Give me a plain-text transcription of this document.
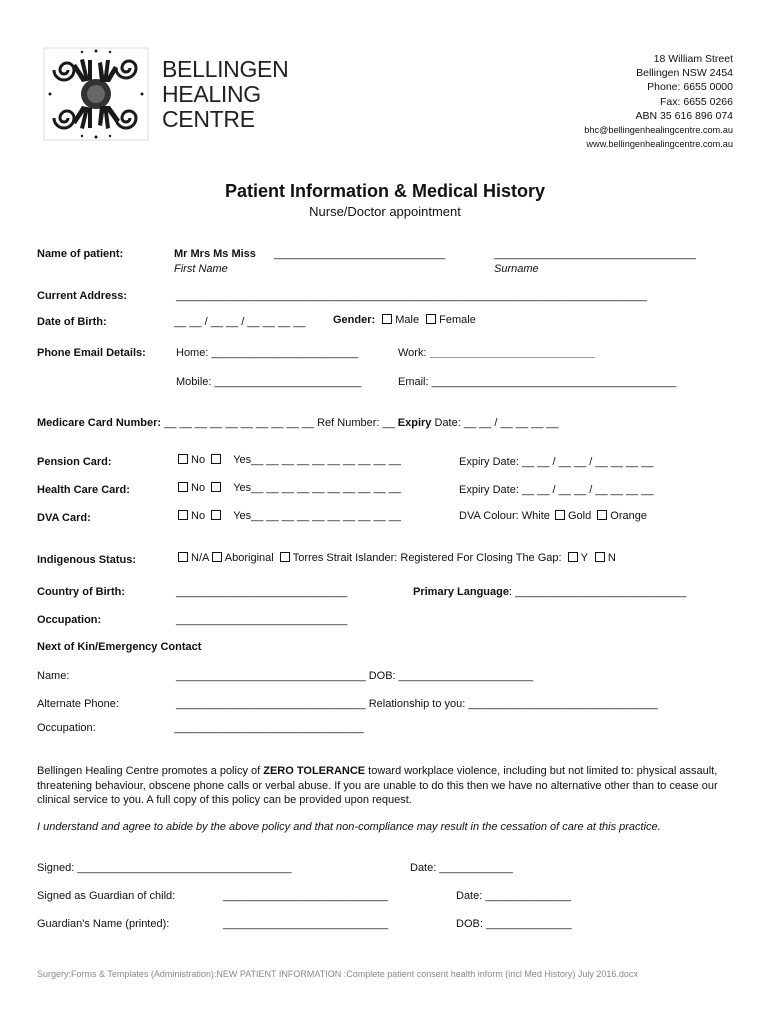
BELLINGEN
HEALING
CENTRE
18 William Street
Bellingen NSW 2454
Phone: 6655 0000
Fax: 6655 0266
ABN 35 616 896 074
bhc@bellingenhealingcentre.com.au
www.bellingenhealingcentre.com.au
Patient Information & Medical History
Nurse/Doctor appointment
Name of patient:	Mr Mrs Ms Miss ____________________________	_________________________________
First Name	Surname
Current Address:	_____________________________________________________________________________
Date of Birth:	__ __ / __ __ / __ __ __ __ Gender: Male Female
Phone Email Details:	Home: ________________________	Work: ___________________________
Mobile: ________________________	Email: ________________________________________
Medicare Card Number: __ __ __ __ __ __ __ __ __ __ Ref Number: __ Expiry Date: __ __ / __ __ __ __
Pension Card:	No	Yes__ __ __ __ __ __ __ __ __ __	Expiry Date: __ __ / __ __ / __ __ __ __
Health Care Card:	No	Yes__ __ __ __ __ __ __ __ __ __	Expiry Date: __ __ / __ __ / __ __ __ __
DVA Card:	No	Yes__ __ __ __ __ __ __ __ __ __	DVA Colour: White Gold Orange
Indigenous Status:	N/A Aboriginal Torres Strait Islander: Registered For Closing The Gap: Y N
Country of Birth:	____________________________	Primary Language: ____________________________
Occupation:	____________________________
Next of Kin/Emergency Contact
Name:	_______________________________ DOB: ______________________
Alternate Phone:	_______________________________ Relationship to you: _______________________________
Occupation:	_______________________________
Bellingen Healing Centre promotes a policy of ZERO TOLERANCE toward workplace violence, including but not limited to: physical assault, threatening behaviour, obscene phone calls or verbal abuse. If you are unable to do this then we have no alternative other than to cease our clinical service to you. A full copy of this policy can be provided upon request.
I understand and agree to abide by the above policy and that non-compliance may result in the cessation of care at this practice.
Signed: ___________________________________	Date: ____________
Signed as Guardian of child:	___________________________	Date: ______________
Guardian's Name (printed):	___________________________	DOB: ______________
Surgery:Forms & Templates (Administration):NEW PATIENT INFORMATION :Complete patient consent health inform (incl Med History) July 2016.docx
